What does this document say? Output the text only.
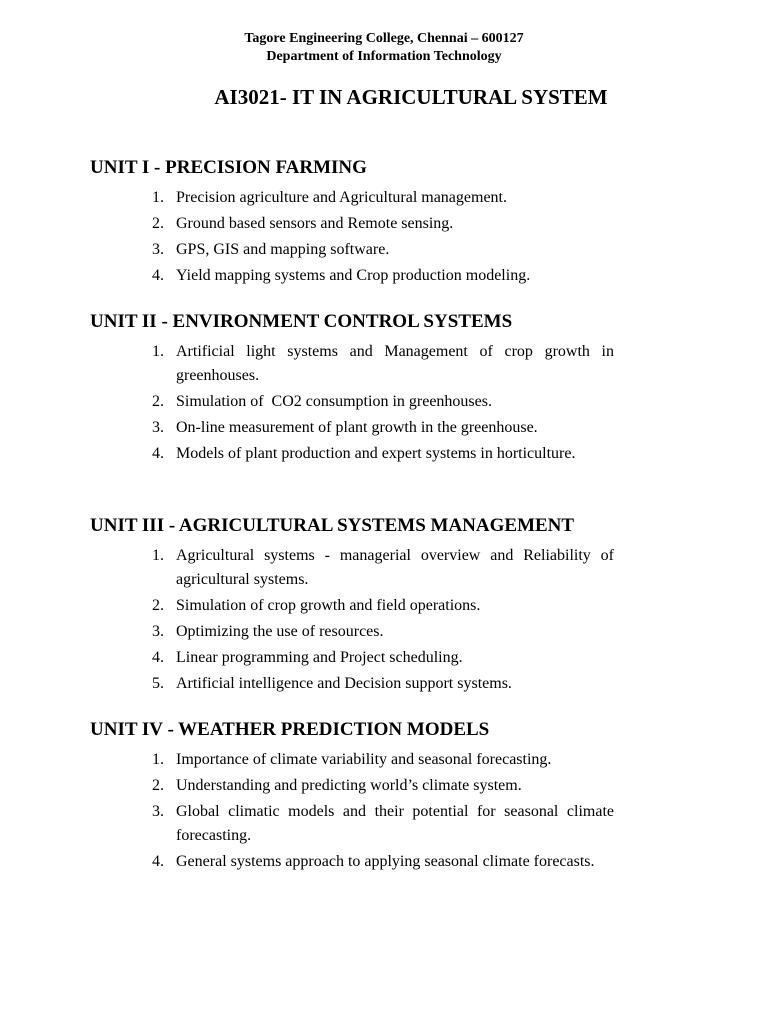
Tagore Engineering College, Chennai – 600127
Department of Information Technology
AI3021- IT IN AGRICULTURAL SYSTEM
UNIT I - PRECISION FARMING
1. Precision agriculture and Agricultural management.
2. Ground based sensors and Remote sensing.
3. GPS, GIS and mapping software.
4. Yield mapping systems and Crop production modeling.
UNIT II - ENVIRONMENT CONTROL SYSTEMS
1. Artificial light systems and Management of crop growth in greenhouses.
2. Simulation of  CO2 consumption in greenhouses.
3. On-line measurement of plant growth in the greenhouse.
4. Models of plant production and expert systems in horticulture.
UNIT III - AGRICULTURAL SYSTEMS MANAGEMENT
1. Agricultural systems - managerial overview and Reliability of agricultural systems.
2. Simulation of crop growth and field operations.
3. Optimizing the use of resources.
4. Linear programming and Project scheduling.
5. Artificial intelligence and Decision support systems.
UNIT IV - WEATHER PREDICTION MODELS
1. Importance of climate variability and seasonal forecasting.
2. Understanding and predicting world’s climate system.
3. Global climatic models and their potential for seasonal climate forecasting.
4. General systems approach to applying seasonal climate forecasts.
